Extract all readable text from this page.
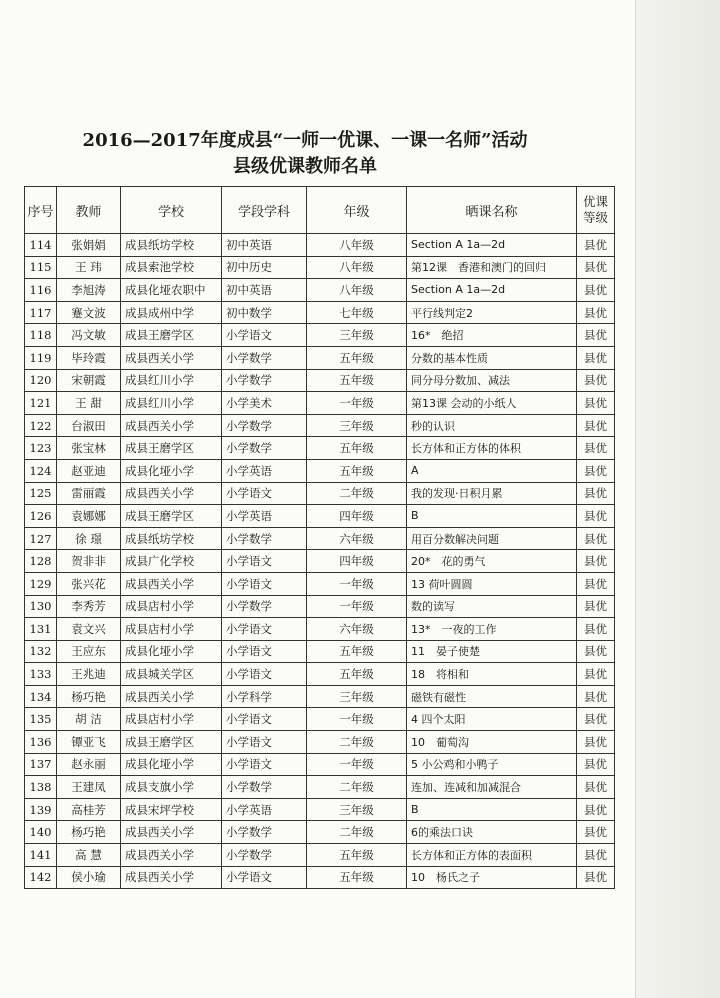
2016—2017年度成县“一师一优课、一课一名师”活动
县级优课教师名单
序号	教师	学校	学段学科	年级	晒课名称	优课等级
114	张娟娟	成县纸坊学校	初中英语	八年级	Section A 1a—2d	县优
115	王 玮	成县索池学校	初中历史	八年级	第12课　香港和澳门的回归	县优
116	李旭涛	成县化垭农职中	初中英语	八年级	Section A 1a—2d	县优
117	蹇文波	成县成州中学	初中数学	七年级	平行线判定2	县优
118	冯文敏	成县王磨学区	小学语文	三年级	16*　绝招	县优
119	毕玲霞	成县西关小学	小学数学	五年级	分数的基本性质	县优
120	宋朝霞	成县红川小学	小学数学	五年级	同分母分数加、减法	县优
121	王 甜	成县红川小学	小学美术	一年级	第13课 会动的小纸人	县优
122	台淑田	成县西关小学	小学数学	三年级	秒的认识	县优
123	张宝林	成县王磨学区	小学数学	五年级	长方体和正方体的体积	县优
124	赵亚迪	成县化垭小学	小学英语	五年级	A	县优
125	雷丽霞	成县西关小学	小学语文	二年级	我的发现·日积月累	县优
126	袁娜娜	成县王磨学区	小学英语	四年级	B	县优
127	徐 璟	成县纸坊学校	小学数学	六年级	用百分数解决问题	县优
128	贺非非	成县广化学校	小学语文	四年级	20*　花的勇气	县优
129	张兴花	成县西关小学	小学语文	一年级	13 荷叶圆圆	县优
130	李秀芳	成县店村小学	小学数学	一年级	数的读写	县优
131	袁文兴	成县店村小学	小学语文	六年级	13*　一夜的工作	县优
132	王应东	成县化垭小学	小学语文	五年级	11　晏子使楚	县优
133	王兆迪	成县城关学区	小学语文	五年级	18　将相和	县优
134	杨巧艳	成县西关小学	小学科学	三年级	磁铁有磁性	县优
135	胡 洁	成县店村小学	小学语文	一年级	4 四个太阳	县优
136	镡亚飞	成县王磨学区	小学语文	二年级	10　葡萄沟	县优
137	赵永丽	成县化垭小学	小学语文	一年级	5 小公鸡和小鸭子	县优
138	王建凤	成县支旗小学	小学数学	二年级	连加、连减和加减混合	县优
139	高桂芳	成县宋坪学校	小学英语	三年级	B	县优
140	杨巧艳	成县西关小学	小学数学	二年级	6的乘法口诀	县优
141	高 慧	成县西关小学	小学数学	五年级	长方体和正方体的表面积	县优
142	侯小瑜	成县西关小学	小学语文	五年级	10　杨氏之子	县优
